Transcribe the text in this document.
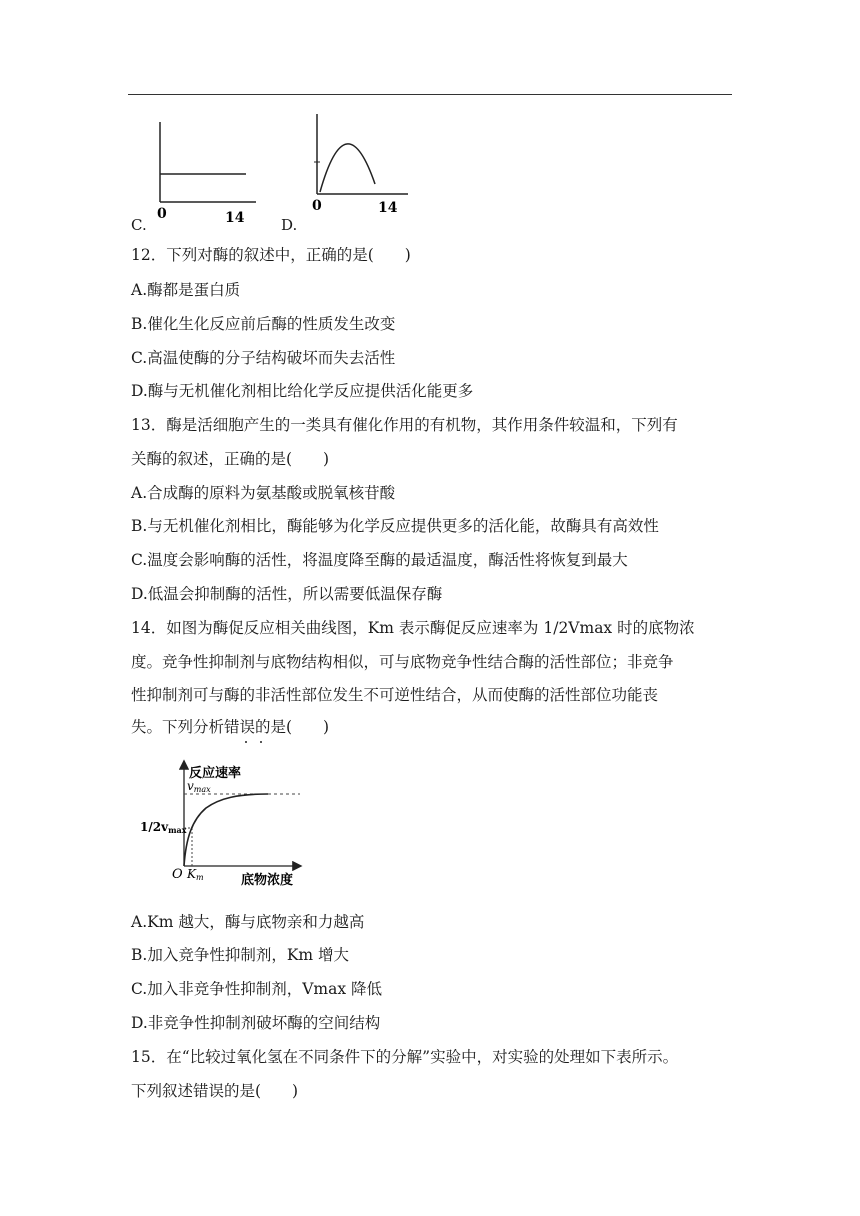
C.
0	14 D.
0	14
12．下列对酶的叙述中，正确的是(　　)
A.酶都是蛋白质
B.催化生化反应前后酶的性质发生改变
C.高温使酶的分子结构破坏而失去活性
D.酶与无机催化剂相比给化学反应提供活化能更多
13．酶是活细胞产生的一类具有催化作用的有机物，其作用条件较温和，下列有
关酶的叙述，正确的是(　　)
A.合成酶的原料为氨基酸或脱氧核苷酸
B.与无机催化剂相比，酶能够为化学反应提供更多的活化能，故酶具有高效性
C.温度会影响酶的活性，将温度降至酶的最适温度，酶活性将恢复到最大
D.低温会抑制酶的活性，所以需要低温保存酶
14．如图为酶促反应相关曲线图，Km 表示酶促反应速率为 1/2Vmax 时的底物浓
度。竞争性抑制剂与底物结构相似，可与底物竞争性结合酶的活性部位；非竞争
性抑制剂可与酶的非活性部位发生不可逆性结合，从而使酶的活性部位功能丧
失。下列分析错误的是(　　)
反应速率
vmax
1/2vmax
O Km	底物浓度
A.Km 越大，酶与底物亲和力越高
B.加入竞争性抑制剂，Km 增大
C.加入非竞争性抑制剂，Vmax 降低
D.非竞争性抑制剂破坏酶的空间结构
15．在“比较过氧化氢在不同条件下的分解”实验中，对实验的处理如下表所示。
下列叙述错误的是(　　)
